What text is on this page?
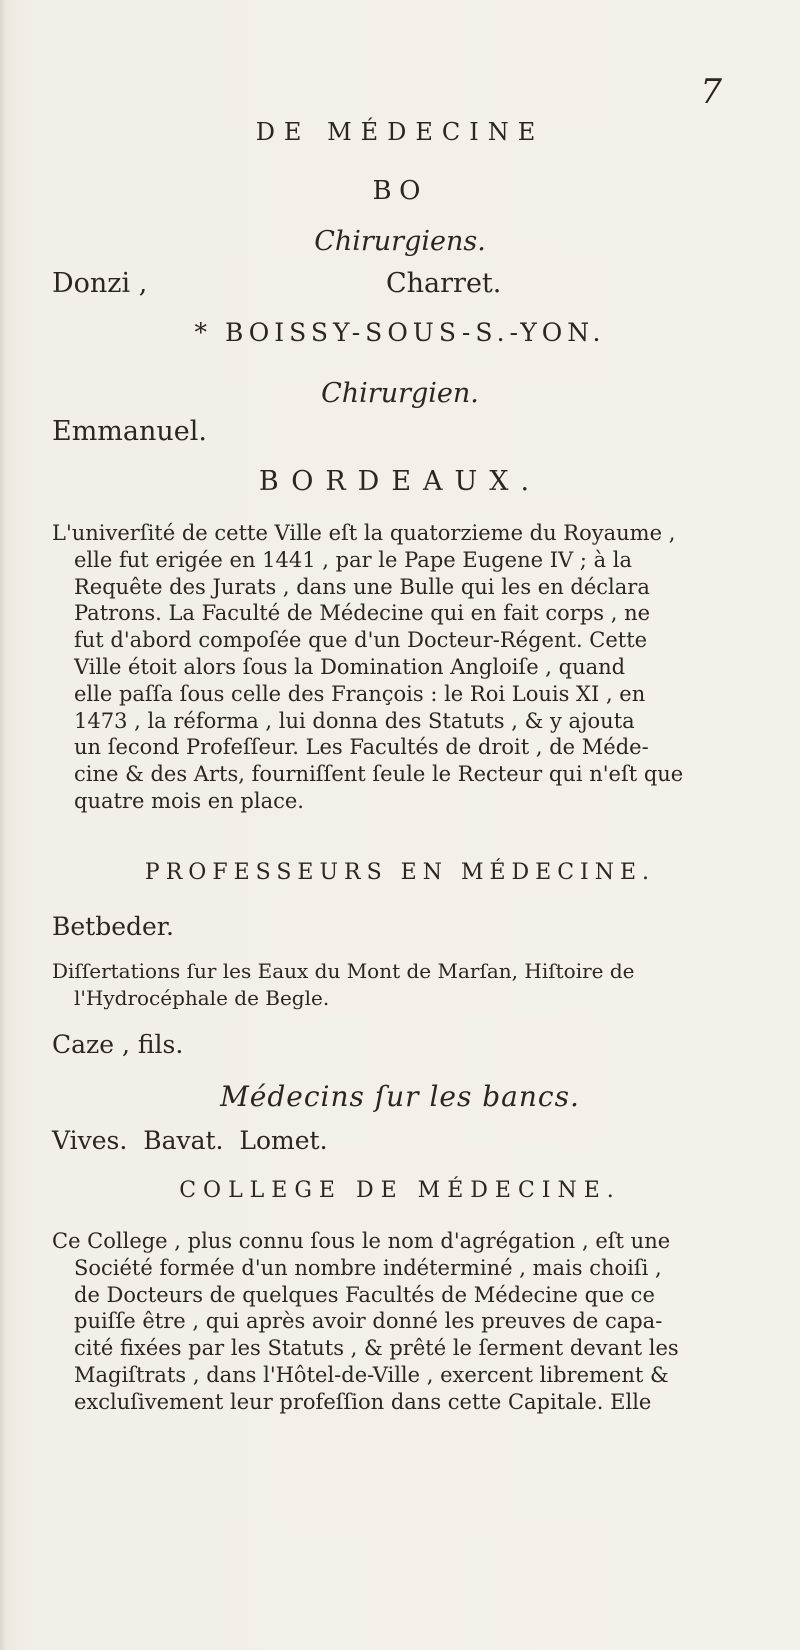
7
DE MÉDECINE
BO
Chirurgiens.
Donzi ,	Charret.
* BOISSY-SOUS-S.-YON.
Chirurgien.
Emmanuel.
BORDEAUX.
L'univerſité de cette Ville eſt la quatorzieme du Royaume ,
elle fut erigée en 1441 , par le Pape Eugene IV ; à la
Requête des Jurats , dans une Bulle qui les en déclara
Patrons. La Faculté de Médecine qui en fait corps , ne
fut d'abord compoſée que d'un Docteur-Régent. Cette
Ville étoit alors ſous la Domination Angloiſe , quand
elle paſſa ſous celle des François : le Roi Louis XI , en
1473 , la réforma , lui donna des Statuts , & y ajouta
un ſecond Profeſſeur. Les Facultés de droit , de Méde-
cine & des Arts, fourniſſent ſeule le Recteur qui n'eſt que
quatre mois en place.
PROFESSEURS EN MÉDECINE.
Betbeder.
Diſſertations ſur les Eaux du Mont de Marſan, Hiſtoire de
l'Hydrocéphale de Begle.
Caze , fils.
Médecins ſur les bancs.
Vives.  Bavat.  Lomet.
COLLEGE DE MÉDECINE.
Ce College , plus connu ſous le nom d'agrégation , eſt une
Société formée d'un nombre indéterminé , mais choiſi ,
de Docteurs de quelques Facultés de Médecine que ce
puiſſe être , qui après avoir donné les preuves de capa-
cité fixées par les Statuts , & prêté le ſerment devant les
Magiſtrats , dans l'Hôtel-de-Ville , exercent librement &
excluſivement leur profeſſion dans cette Capitale. Elle
